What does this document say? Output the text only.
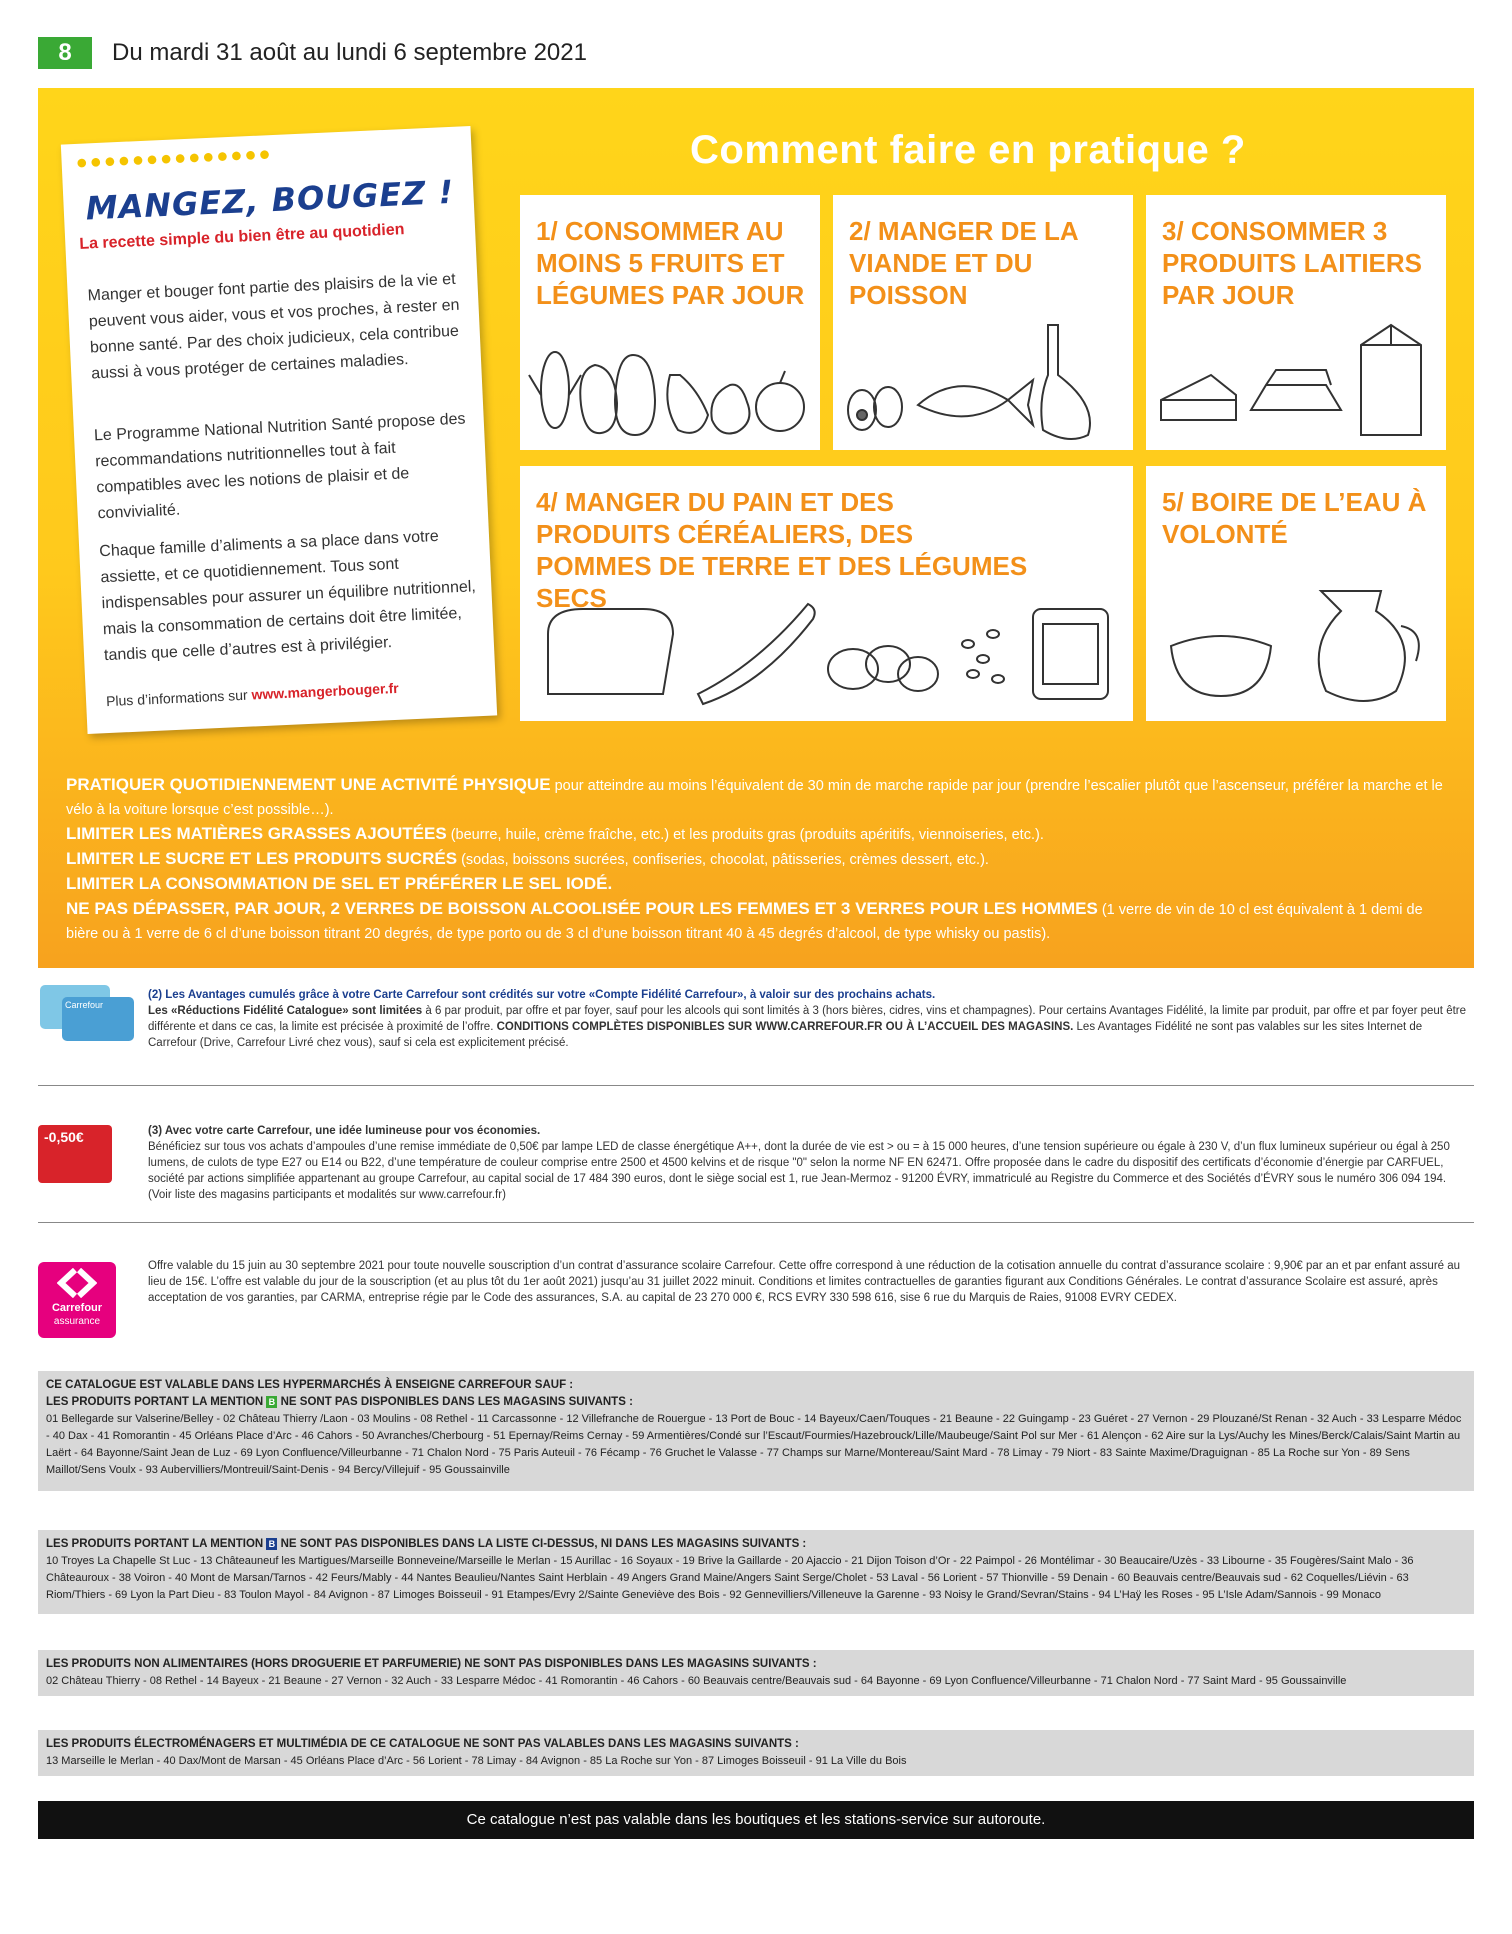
8	Du mardi 31 août au lundi 6 septembre 2021
Comment faire en pratique ?
1/ CONSOMMER AU MOINS 5 FRUITS ET LÉGUMES PAR JOUR
2/ MANGER DE LA VIANDE ET DU POISSON
3/ CONSOMMER 3 PRODUITS LAITIERS PAR JOUR
4/ MANGER DU PAIN ET DES PRODUITS CÉRÉALIERS, DES POMMES DE TERRE ET DES LÉGUMES SECS
5/ BOIRE DE L’EAU À VOLONTÉ
●●●●●●●●●●●●●●
MANGEZ, BOUGEZ !
La recette simple du bien être au quotidien
Manger et bouger font partie des plaisirs de la vie et peuvent vous aider, vous et vos proches, à rester en bonne santé. Par des choix judicieux, cela contribue aussi à vous protéger de certaines maladies.
Le Programme National Nutrition Santé propose des recommandations nutritionnelles tout à fait compatibles avec les notions de plaisir et de convivialité.
Chaque famille d’aliments a sa place dans votre assiette, et ce quotidiennement. Tous sont indispensables pour assurer un équilibre nutritionnel, mais la consommation de certains doit être limitée, tandis que celle d’autres est à privilégier.
Plus d’informations sur www.mangerbouger.fr
PRATIQUER QUOTIDIENNEMENT UNE ACTIVITÉ PHYSIQUE pour atteindre au moins l’équivalent de 30 min de marche rapide par jour (prendre l’escalier plutôt que l’ascenseur, préférer la marche et le vélo à la voiture lorsque c’est possible…).
LIMITER LES MATIÈRES GRASSES AJOUTÉES (beurre, huile, crème fraîche, etc.) et les produits gras (produits apéritifs, viennoiseries, etc.).
LIMITER LE SUCRE ET LES PRODUITS SUCRÉS (sodas, boissons sucrées, confiseries, chocolat, pâtisseries, crèmes dessert, etc.).
LIMITER LA CONSOMMATION DE SEL ET PRÉFÉRER LE SEL IODÉ.
NE PAS DÉPASSER, PAR JOUR, 2 VERRES DE BOISSON ALCOOLISÉE POUR LES FEMMES ET 3 VERRES POUR LES HOMMES (1 verre de vin de 10 cl est équivalent à 1 demi de bière ou à 1 verre de 6 cl d’une boisson titrant 20 degrés, de type porto ou de 3 cl d’une boisson titrant 40 à 45 degrés d’alcool, de type whisky ou pastis).
Carrefour
(2) Les Avantages cumulés grâce à votre Carte Carrefour sont crédités sur votre «Compte Fidélité Carrefour», à valoir sur des prochains achats.
Les «Réductions Fidélité Catalogue» sont limitées à 6 par produit, par offre et par foyer, sauf pour les alcools qui sont limités à 3 (hors bières, cidres, vins et champagnes). Pour certains Avantages Fidélité, la limite par produit, par offre et par foyer peut être différente et dans ce cas, la limite est précisée à proximité de l’offre. CONDITIONS COMPLÈTES DISPONIBLES SUR WWW.CARREFOUR.FR OU À L’ACCUEIL DES MAGASINS. Les Avantages Fidélité ne sont pas valables sur les sites Internet de Carrefour (Drive, Carrefour Livré chez vous), sauf si cela est explicitement précisé.
-0,50€	(3) Avec votre carte Carrefour, une idée lumineuse pour vos économies.
Bénéficiez sur tous vos achats d’ampoules d’une remise immédiate de 0,50€ par lampe LED de classe énergétique A++, dont la durée de vie est > ou = à 15 000 heures, d’une tension supérieure ou égale à 230 V, d’un flux lumineux supérieur ou égal à 250 lumens, de culots de type E27 ou E14 ou B22, d’une température de couleur comprise entre 2500 et 4500 kelvins et de risque "0" selon la norme NF EN 62471. Offre proposée dans le cadre du dispositif des certificats d’économie d’énergie par CARFUEL, société par actions simplifiée appartenant au groupe Carrefour, au capital social de 17 484 390 euros, dont le siège social est 1, rue Jean-Mermoz - 91200 ÉVRY, immatriculé au Registre du Commerce et des Sociétés d’ÉVRY sous le numéro 306 094 194. (Voir liste des magasins participants et modalités sur www.carrefour.fr)
Carrefour
assurance
Offre valable du 15 juin au 30 septembre 2021 pour toute nouvelle souscription d’un contrat d’assurance scolaire Carrefour. Cette offre correspond à une réduction de la cotisation annuelle du contrat d’assurance scolaire : 9,90€ par an et par enfant assuré au lieu de 15€. L’offre est valable du jour de la souscription (et au plus tôt du 1er août 2021) jusqu’au 31 juillet 2022 minuit. Conditions et limites contractuelles de garanties figurant aux Conditions Générales. Le contrat d’assurance Scolaire est assuré, après acceptation de vos garanties, par CARMA, entreprise régie par le Code des assurances, S.A. au capital de 23 270 000 €, RCS EVRY 330 598 616, sise 6 rue du Marquis de Raies, 91008 EVRY CEDEX.
CE CATALOGUE EST VALABLE DANS LES HYPERMARCHÉS À ENSEIGNE CARREFOUR SAUF :
LES PRODUITS PORTANT LA MENTION B NE SONT PAS DISPONIBLES DANS LES MAGASINS SUIVANTS :
01 Bellegarde sur Valserine/Belley - 02 Château Thierry /Laon - 03 Moulins - 08 Rethel - 11 Carcassonne - 12 Villefranche de Rouergue - 13 Port de Bouc - 14 Bayeux/Caen/Touques - 21 Beaune - 22 Guingamp - 23 Guéret - 27 Vernon - 29 Plouzané/St Renan - 32 Auch - 33 Lesparre Médoc - 40 Dax - 41 Romorantin - 45 Orléans Place d’Arc - 46 Cahors - 50 Avranches/Cherbourg - 51 Epernay/Reims Cernay - 59 Armentières/Condé sur l’Escaut/Fourmies/Hazebrouck/Lille/Maubeuge/Saint Pol sur Mer - 61 Alençon - 62 Aire sur la Lys/Auchy les Mines/Berck/Calais/Saint Martin au Laërt - 64 Bayonne/Saint Jean de Luz - 69 Lyon Confluence/Villeurbanne - 71 Chalon Nord - 75 Paris Auteuil - 76 Fécamp - 76 Gruchet le Valasse - 77 Champs sur Marne/Montereau/Saint Mard - 78 Limay - 79 Niort - 83 Sainte Maxime/Draguignan - 85 La Roche sur Yon - 89 Sens Maillot/Sens Voulx - 93 Aubervilliers/Montreuil/Saint-Denis - 94 Bercy/Villejuif - 95 Goussainville
LES PRODUITS PORTANT LA MENTION B NE SONT PAS DISPONIBLES DANS LA LISTE CI-DESSUS, NI DANS LES MAGASINS SUIVANTS :
10 Troyes La Chapelle St Luc - 13 Châteauneuf les Martigues/Marseille Bonneveine/Marseille le Merlan - 15 Aurillac - 16 Soyaux - 19 Brive la Gaillarde - 20 Ajaccio - 21 Dijon Toison d’Or - 22 Paimpol - 26 Montélimar - 30 Beaucaire/Uzès - 33 Libourne - 35 Fougères/Saint Malo - 36 Châteauroux - 38 Voiron - 40 Mont de Marsan/Tarnos - 42 Feurs/Mably - 44 Nantes Beaulieu/Nantes Saint Herblain - 49 Angers Grand Maine/Angers Saint Serge/Cholet - 53 Laval - 56 Lorient - 57 Thionville - 59 Denain - 60 Beauvais centre/Beauvais sud - 62 Coquelles/Liévin - 63 Riom/Thiers - 69 Lyon la Part Dieu - 83 Toulon Mayol - 84 Avignon - 87 Limoges Boisseuil - 91 Etampes/Evry 2/Sainte Geneviève des Bois - 92 Gennevilliers/Villeneuve la Garenne - 93 Noisy le Grand/Sevran/Stains - 94 L’Haÿ les Roses - 95 L’Isle Adam/Sannois - 99 Monaco
LES PRODUITS NON ALIMENTAIRES (HORS DROGUERIE ET PARFUMERIE) NE SONT PAS DISPONIBLES DANS LES MAGASINS SUIVANTS :
02 Château Thierry - 08 Rethel - 14 Bayeux - 21 Beaune - 27 Vernon - 32 Auch - 33 Lesparre Médoc - 41 Romorantin - 46 Cahors - 60 Beauvais centre/Beauvais sud - 64 Bayonne - 69 Lyon Confluence/Villeurbanne - 71 Chalon Nord - 77 Saint Mard - 95 Goussainville
LES PRODUITS ÉLECTROMÉNAGERS ET MULTIMÉDIA DE CE CATALOGUE NE SONT PAS VALABLES DANS LES MAGASINS SUIVANTS :
13 Marseille le Merlan - 40 Dax/Mont de Marsan - 45 Orléans Place d’Arc - 56 Lorient - 78 Limay - 84 Avignon - 85 La Roche sur Yon - 87 Limoges Boisseuil - 91 La Ville du Bois
Ce catalogue n’est pas valable dans les boutiques et les stations-service sur autoroute.
